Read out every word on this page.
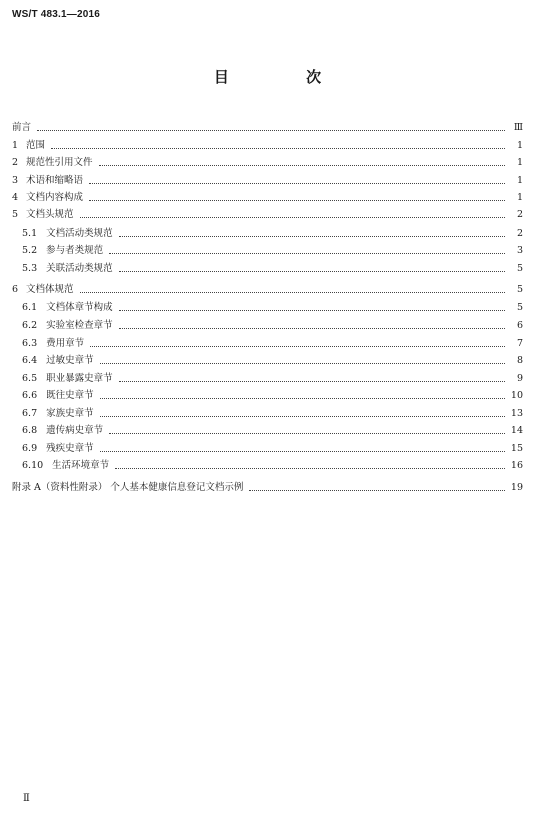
WS/T 483.1—2016
目 次
前言	Ⅲ
1 范围	1
2 规范性引用文件	1
3 术语和缩略语	1
4 文档内容构成	1
5 文档头规范	2
5.1 文档活动类规范	2
5.2 参与者类规范	3
5.3 关联活动类规范	5
6 文档体规范	5
6.1 文档体章节构成	5
6.2 实验室检查章节	6
6.3 费用章节	7
6.4 过敏史章节	8
6.5 职业暴露史章节	9
6.6 既往史章节	10
6.7 家族史章节	13
6.8 遗传病史章节	14
6.9 残疾史章节	15
6.10 生活环境章节	16
附录 A（资料性附录） 个人基本健康信息登记文档示例	19
Ⅱ
